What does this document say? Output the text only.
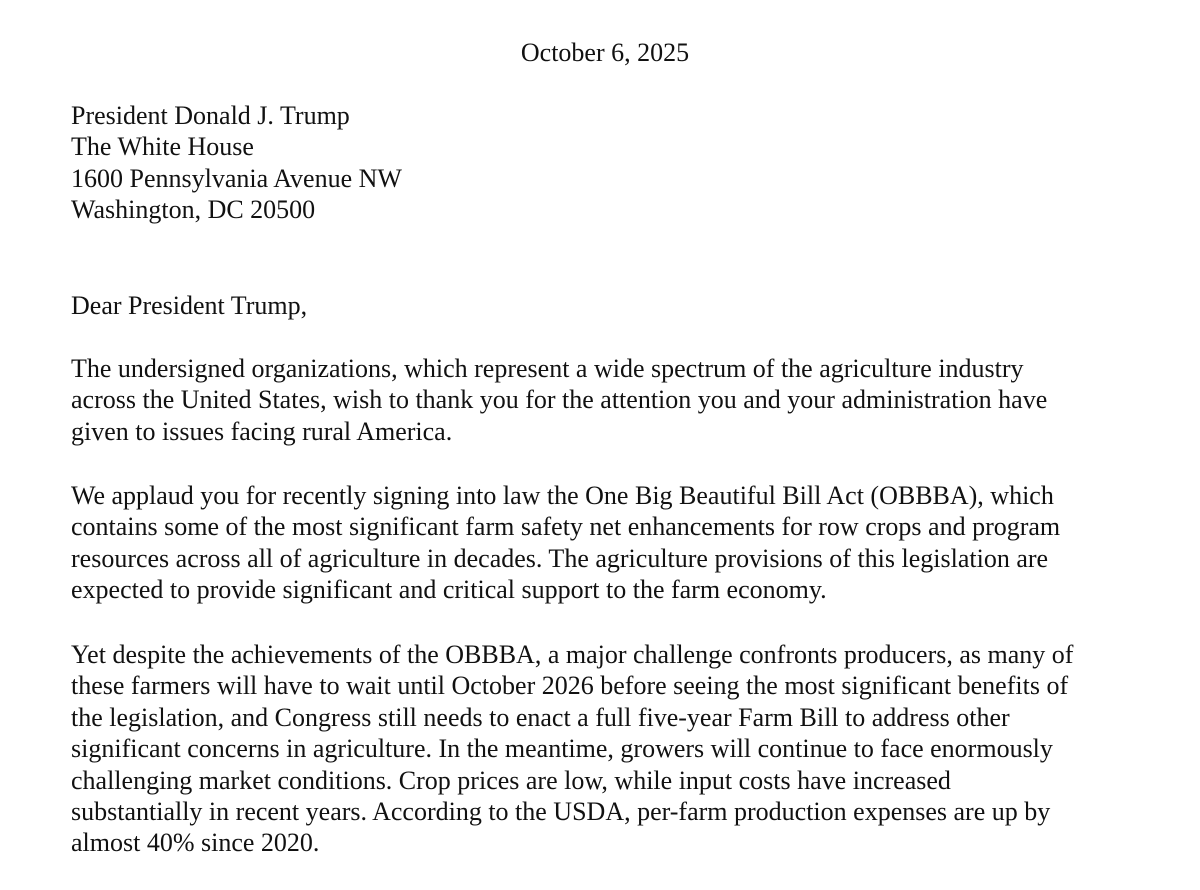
October 6, 2025
President Donald J. Trump
The White House
1600 Pennsylvania Avenue NW
Washington, DC 20500
Dear President Trump,
The undersigned organizations, which represent a wide spectrum of the agriculture industry
across the United States, wish to thank you for the attention you and your administration have
given to issues facing rural America.
We applaud you for recently signing into law the One Big Beautiful Bill Act (OBBBA), which
contains some of the most significant farm safety net enhancements for row crops and program
resources across all of agriculture in decades. The agriculture provisions of this legislation are
expected to provide significant and critical support to the farm economy.
Yet despite the achievements of the OBBBA, a major challenge confronts producers, as many of
these farmers will have to wait until October 2026 before seeing the most significant benefits of
the legislation, and Congress still needs to enact a full five-year Farm Bill to address other
significant concerns in agriculture. In the meantime, growers will continue to face enormously
challenging market conditions. Crop prices are low, while input costs have increased
substantially in recent years. According to the USDA, per-farm production expenses are up by
almost 40% since 2020.
